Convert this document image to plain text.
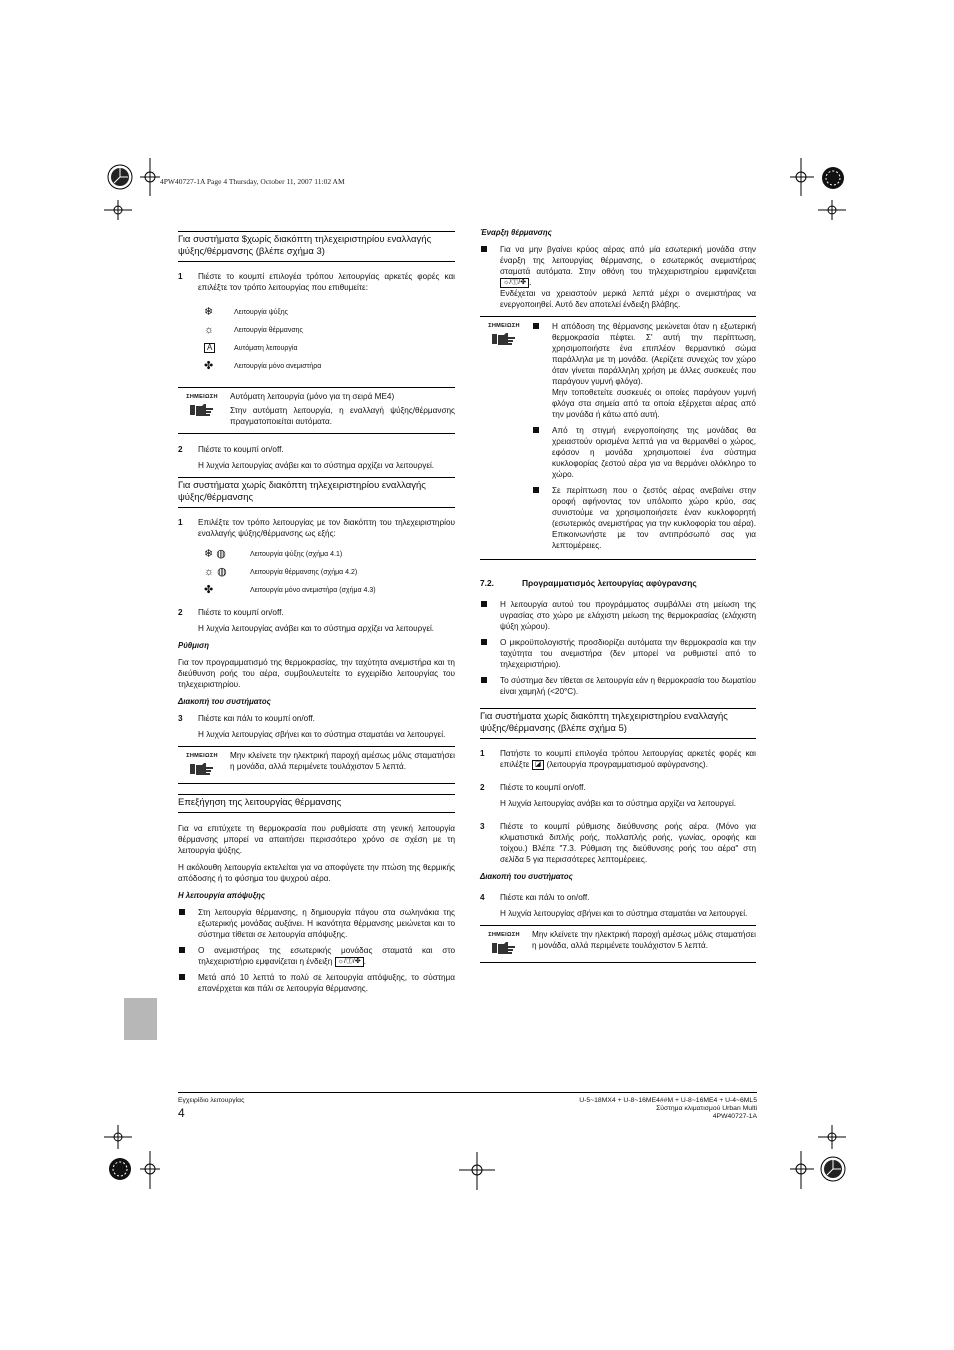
4PW40727-1A Page 4 Thursday, October 11, 2007 11:02 AM
Για συστήματα $χωρίς διακόπτη τηλεχειριστηρίου εναλλαγής ψύξης/θέρμανσης (βλέπε σχήμα 3)
1 Πιέστε το κουμπί επιλογέα τρόπου λειτουργίας αρκετές φορές και επιλέξτε τον τρόπο λειτουργίας που επιθυμείτε:

❄	Λειτουργία ψύξης
☼	Λειτουργία θέρμανσης
A	Αυτόματη λειτουργία
✤	Λειτουργία μόνο ανεμιστήρα
ΣΗΜΕΙΩΣΗ	Αυτόματη λειτουργία (μόνο για τη σειρά ME4)

Στην αυτόματη λειτουργία, η εναλλαγή ψύξης/θέρμανσης πραγματοποιείται αυτόματα.

2 Πιέστε το κουμπί on/off.

Η λυχνία λειτουργίας ανάβει και το σύστημα αρχίζει να λειτουργεί.

Για συστήματα χωρίς διακόπτη τηλεχειριστηρίου εναλλαγής ψύξης/θέρμανσης
1 Επιλέξτε τον τρόπο λειτουργίας με τον διακόπτη του τηλεχειριστηρίου εναλλαγής ψύξης/θέρμανσης ως εξής:

❄ ◍	Λειτουργία ψύξης (σχήμα 4.1)
☼ ◍	Λειτουργία θέρμανσης (σχήμα 4.2)
✤	Λειτουργία μόνο ανεμιστήρα (σχήμα 4.3)
2 Πιέστε το κουμπί on/off.

Η λυχνία λειτουργίας ανάβει και το σύστημα αρχίζει να λειτουργεί.

Ρύθμιση

Για τον προγραμματισμό της θερμοκρασίας, την ταχύτητα ανεμιστήρα και τη διεύθυνση ροής του αέρα, συμβουλευτείτε το εγχειρίδιο λειτουργίας του τηλεχειριστηρίου.

Διακοπή του συστήματος
3 Πιέστε και πάλι το κουμπί on/off.

Η λυχνία λειτουργίας σβήνει και το σύστημα σταματάει να λειτουργεί.

ΣΗΜΕΙΩΣΗ	Μην κλείνετε την ηλεκτρική παροχή αμέσως μόλις σταματήσει η μονάδα, αλλά περιμένετε τουλάχιστον 5 λεπτά.

Επεξήγηση της λειτουργίας θέρμανσης

Για να επιτύχετε τη θερμοκρασία που ρυθμίσατε στη γενική λειτουργία θέρμανσης μπορεί να απαιτήσει περισσότερο χρόνο σε σχέση με τη λειτουργία ψύξης.

Η ακόλουθη λειτουργία εκτελείται για να αποφύγετε την πτώση της θερμικής απόδοσης ή το φύσημα του ψυχρού αέρα.

Η λειτουργία απόψυξης
Στη λειτουργία θέρμανσης, η δημιουργία πάγου στα σωληνάκια της εξωτερικής μονάδας αυξάνει. Η ικανότητα θέρμανσης μειώνεται και το σύστημα τίθεται σε λειτουργία απόψυξης.
Ο ανεμιστήρας της εσωτερικής μονάδας σταματά και στο τηλεχειριστήριο εμφανίζεται η ένδειξη ☼/Ⓣ/✤ .
Μετά από 10 λεπτά το πολύ σε λειτουργία απόψυξης, το σύστημα επανέρχεται και πάλι σε λειτουργία θέρμανσης.
Έναρξη θέρμανσης
Για να μην βγαίνει κρύος αέρας από μία εσωτερική μονάδα στην έναρξη της λειτουργίας θέρμανσης, ο εσωτερικός ανεμιστήρας σταματά αυτόματα. Στην οθόνη του τηλεχειριστηρίου εμφανίζεται ☼/Ⓣ/✤ .
Ενδέχεται να χρειαστούν μερικά λεπτά μέχρι ο ανεμιστήρας να ενεργοποιηθεί. Αυτό δεν αποτελεί ένδειξη βλάβης.
ΣΗΜΕΙΩΣΗ	Η απόδοση της θέρμανσης μειώνεται όταν η εξωτερική θερμοκρασία πέφτει. Σ' αυτή την περίπτωση, χρησιμοποιήστε ένα επιπλέον θερμαντικό σώμα παράλληλα με τη μονάδα. (Αερίζετε συνεχώς τον χώρο όταν γίνεται παράλληλη χρήση με άλλες συσκευές που παράγουν γυμνή φλόγα).
Μην τοποθετείτε συσκευές οι οποίες παράγουν γυμνή φλόγα στα σημεία από τα οποία εξέρχεται αέρας από την μονάδα ή κάτω από αυτή.
Από τη στιγμή ενεργοποίησης της μονάδας θα χρειαστούν ορισμένα λεπτά για να θερμανθεί ο χώρος, εφόσον η μονάδα χρησιμοποιεί ένα σύστημα κυκλοφορίας ζεστού αέρα για να θερμάνει ολόκληρο το χώρο.
Σε περίπτωση που ο ζεστός αέρας ανεβαίνει στην οροφή αφήνοντας τον υπόλοιπο χώρο κρύο, σας συνιστούμε να χρησιμοποιήσετε έναν κυκλοφορητή (εσωτερικός ανεμιστήρας για την κυκλοφορία του αέρα). Επικοινωνήστε με τον αντιπρόσωπό σας για λεπτομέρειες.
7.2.	Προγραμματισμός λειτουργίας αφύγρανσης
Η λειτουργία αυτού του προγράμματος συμβάλλει στη μείωση της υγρασίας στο χώρο με ελάχιστη μείωση της θερμοκρασίας (ελάχιστη ψύξη χώρου).
Ο μικροϋπολογιστής προσδιορίζει αυτόματα την θερμοκρασία και την ταχύτητα του ανεμιστήρα (δεν μπορεί να ρυθμιστεί από το τηλεχειριστήριο).
Το σύστημα δεν τίθεται σε λειτουργία εάν η θερμοκρασία του δωματίου είναι χαμηλή (<20°C).
Για συστήματα χωρίς διακόπτη τηλεχειριστηρίου εναλλαγής ψύξης/θέρμανσης (βλέπε σχήμα 5)
1 Πατήστε το κουμπί επιλογέα τρόπου λειτουργίας αρκετές φορές και επιλέξτε ◪ (λειτουργία προγραμματισμού αφύγρανσης).

2 Πιέστε το κουμπί on/off.

Η λυχνία λειτουργίας ανάβει και το σύστημα αρχίζει να λειτουργεί.

3 Πιέστε το κουμπί ρύθμισης διεύθυνσης ροής αέρα. (Μόνο για κλιματιστικά διπλής ροής, πολλαπλής ροής, γωνίας, οροφής και τοίχου.) Βλέπε "7.3. Ρύθμιση της διεύθυνσης ροής του αέρα" στη σελίδα 5 για περισσότερες λεπτομέρειες.

Διακοπή του συστήματος
4 Πιέστε και πάλι το on/off.

Η λυχνία λειτουργίας σβήνει και το σύστημα σταματάει να λειτουργεί.

ΣΗΜΕΙΩΣΗ	Μην κλείνετε την ηλεκτρική παροχή αμέσως μόλις σταματήσει η μονάδα, αλλά περιμένετε τουλάχιστον 5 λεπτά.

Εγχειρίδιο λειτουργίας
4
U-5~18MX4 + U-8~16ME4##M + U-8~16ME4 + U-4~6ML5
Σύστημα κλιματισμού Urban Multi
4PW40727-1A
